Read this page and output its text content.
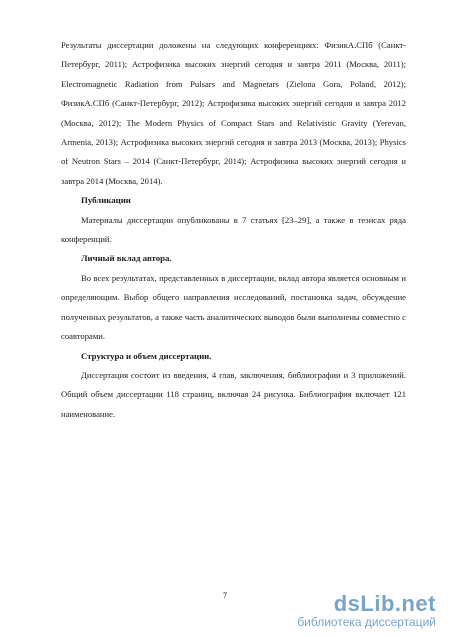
Результаты диссертации доложены на следующих конференциях: ФизикА.СПб (Санкт-Петербург, 2011); Астрофизика высоких энергий сегодня и завтра 2011 (Москва, 2011); Electromagnetic Radiation from Pulsars and Magnetars (Zielona Gora, Poland, 2012); ФизикА.СПб (Санкт-Петербург, 2012); Астрофизика высоких энергий сегодня и завтра 2012 (Москва, 2012); The Modern Physics of Compact Stars and Relativistic Gravity (Yerevan, Armenia, 2013); Астрофизика высоких энергий сегодня и завтра 2013 (Москва, 2013); Physics of Neutron Stars – 2014 (Санкт-Петербург, 2014); Астрофизика высоких энергий сегодня и завтра 2014 (Москва, 2014).

Публикации

Материалы диссертации опубликованы в 7 статьях [23–29], а также в тезисах ряда конференций.

Личный вклад автора.

Во всех результатах, представленных в диссертации, вклад автора является основным и определяющим. Выбор общего направления исследований, постановка задач, обсуждение полученных результатов, а также часть аналитических выводов были выполнены совместно с соавторами.

Структура и объем диссертации.

Диссертация состоит из введения, 4 глав, заключения, библиографии и 3 приложений. Общий объем диссертации 118 страниц, включая 24 рисунка. Библиография включает 121 наименование.

7	dsLib.net
библиотека диссертаций
